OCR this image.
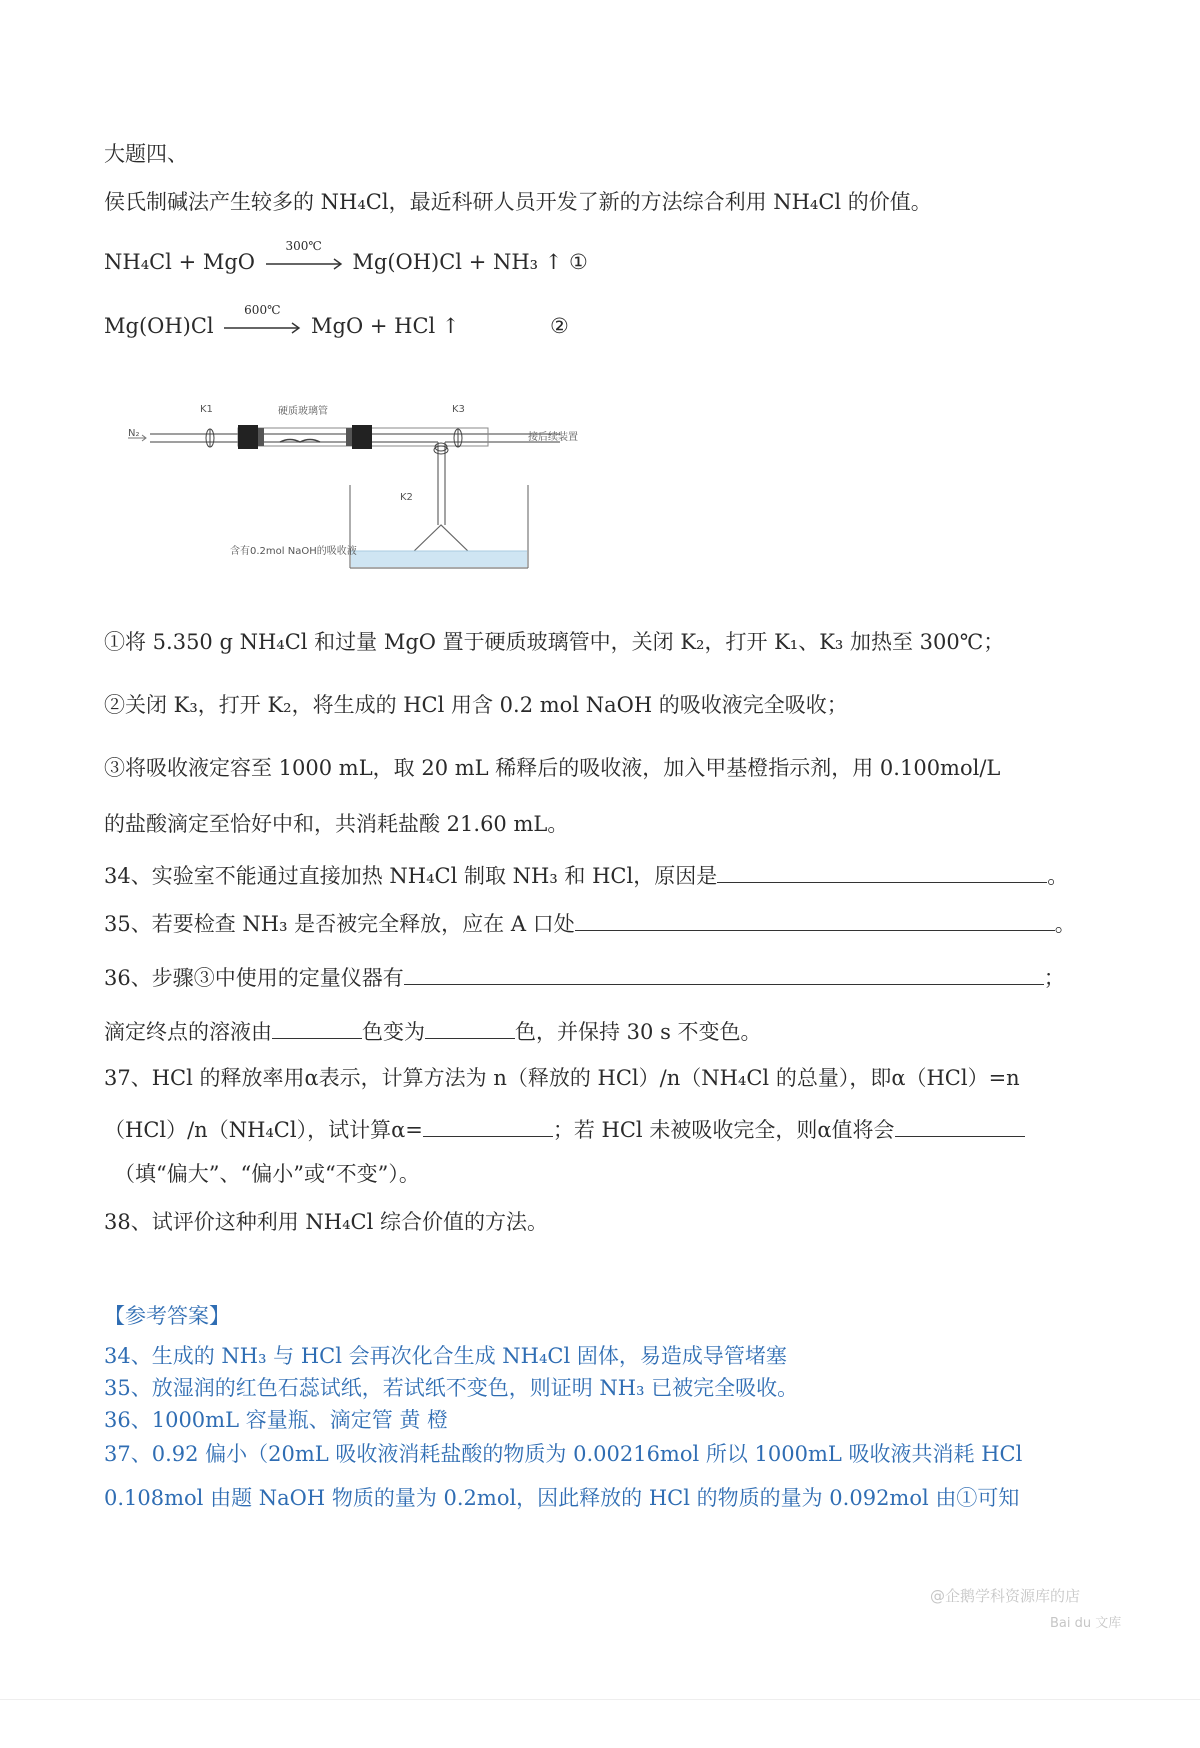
大题四、
侯氏制碱法产生较多的 NH₄Cl，最近科研人员开发了新的方法综合利用 NH₄Cl 的价值。
NH₄Cl + MgO
300℃
Mg(OH)Cl + NH₃ ↑ ①
Mg(OH)Cl
600℃
MgO + HCl ↑	②
N₂
K1	硬质玻璃管	K3
接后续装置
K2
含有0.2mol NaOH的吸收液
①将 5.350 g NH₄Cl 和过量 MgO 置于硬质玻璃管中，关闭 K₂，打开 K₁、K₃ 加热至 300℃；
②关闭 K₃，打开 K₂，将生成的 HCl 用含 0.2 mol NaOH 的吸收液完全吸收；
③将吸收液定容至 1000 mL，取 20 mL 稀释后的吸收液，加入甲基橙指示剂，用 0.100mol/L
的盐酸滴定至恰好中和，共消耗盐酸 21.60 mL。
34、实验室不能通过直接加热 NH₄Cl 制取 NH₃ 和 HCl，原因是	。
35、若要检查 NH₃ 是否被完全释放，应在 A 口处	。
36、步骤③中使用的定量仪器有	；
滴定终点的溶液由	色变为	色，并保持 30 s 不变色。
37、HCl 的释放率用α表示，计算方法为 n（释放的 HCl）/n（NH₄Cl 的总量），即α（HCl）=n
（HCl）/n（NH₄Cl），试计算α=	；若 HCl 未被吸收完全，则α值将会
（填“偏大”、“偏小”或“不变”）。
38、试评价这种利用 NH₄Cl 综合价值的方法。
【参考答案】
34、生成的 NH₃ 与 HCl 会再次化合生成 NH₄Cl 固体，易造成导管堵塞
35、放湿润的红色石蕊试纸，若试纸不变色，则证明 NH₃ 已被完全吸收。
36、1000mL 容量瓶、滴定管 黄 橙
37、0.92 偏小（20mL 吸收液消耗盐酸的物质为 0.00216mol 所以 1000mL 吸收液共消耗 HCl
0.108mol 由题 NaOH 物质的量为 0.2mol，因此释放的 HCl 的物质的量为 0.092mol 由①可知
@企鹅学科资源库的店
Bai du 文库
